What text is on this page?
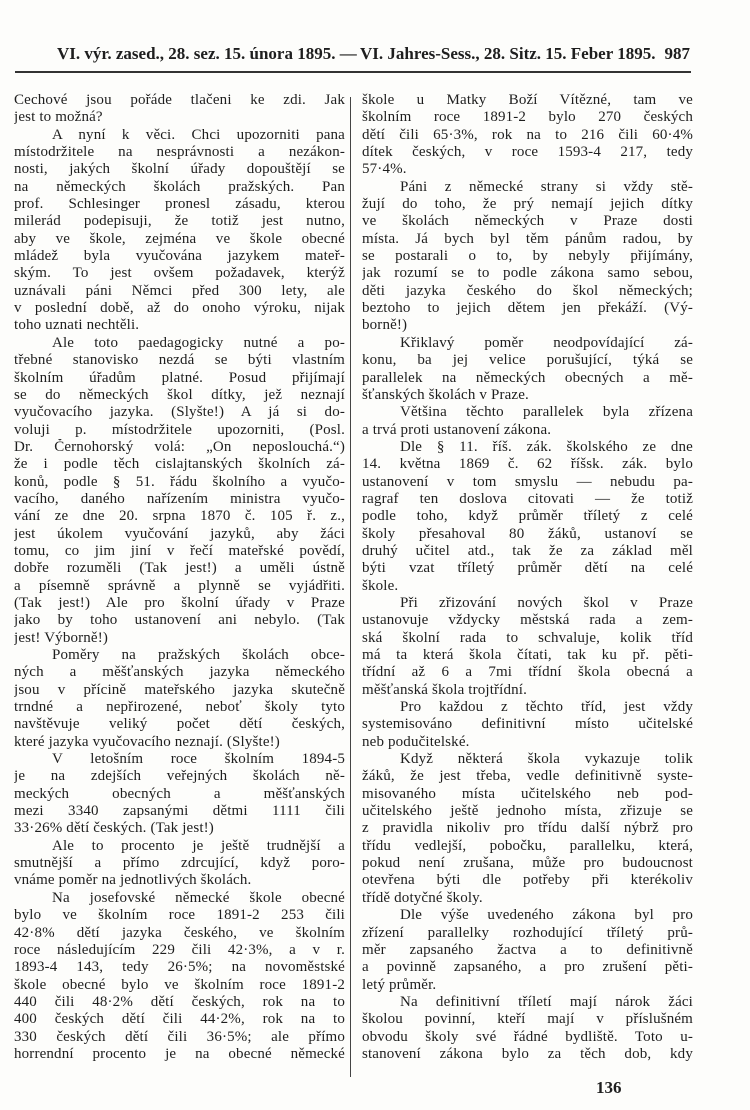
VI. výr. zased., 28. sez. 15. února 1895. — VI. Jahres-Sess., 28. Sitz. 15. Feber 1895. 987
Cechové jsou pořáde tlačeni ke zdi. Jak
jest to možná?
A nyní k věci. Chci upozorniti pana
místodržitele na nesprávnosti a nezákon-
nosti, jakých školní úřady dopouštějí se
na německých školách pražských. Pan
prof. Schlesinger pronesl zásadu, kterou
milerád podepisuji, že totiž jest nutno,
aby ve škole, zejména ve škole obecné
mládež byla vyučována jazykem mateř-
ským. To jest ovšem požadavek, kterýž
uznávali páni Němci před 300 lety, ale
v poslední době, až do onoho výroku, nijak
toho uznati nechtěli.
Ale toto paedagogicky nutné a po-
třebné stanovisko nezdá se býti vlastním
školním úřadům platné. Posud přijímají
se do německých škol dítky, jež neznají
vyučovacího jazyka. (Slyšte!) A já si do-
voluji p. místodržitele upozorniti, (Posl.
Dr. Černohorský volá: „On neposlouchá.“)
že i podle těch cislajtanských školních zá-
konů, podle § 51. řádu školního a vyučo-
vacího, daného nařízením ministra vyučo-
vání ze dne 20. srpna 1870 č. 105 ř. z.,
jest úkolem vyučování jazyků, aby žáci
tomu, co jim jiní v řečí mateřské povědí,
dobře rozuměli (Tak jest!) a uměli ústně
a písemně správně a plynně se vyjádřiti.
(Tak jest!) Ale pro školní úřady v Praze
jako by toho ustanovení ani nebylo. (Tak
jest! Výborně!)
Poměry na pražských školách obce-
ných a měšťanských jazyka německého
jsou v přícině mateřského jazyka skutečně
trndné a nepřirozené, neboť školy tyto
navštěvuje veliký počet dětí českých,
které jazyka vyučovacího neznají. (Slyšte!)
V letošním roce školním 1894-5
je na zdejších veřejných školách ně-
meckých obecných a měšťanských
mezi 3340 zapsanými dětmi 1111 čili
33·26% dětí českých. (Tak jest!)
Ale to procento je ještě trudnější a
smutnější a přímo zdrcující, když poro-
vnáme poměr na jednotlivých školách.
Na josefovské německé škole obecné
bylo ve školním roce 1891-2 253 čili
42·8% dětí jazyka českého, ve školním
roce následujícím 229 čili 42·3%, a v r.
1893-4 143, tedy 26·5%; na novoměstské
škole obecné bylo ve školním roce 1891-2
440 čili 48·2% dětí českých, rok na to
400 českých dětí čili 44·2%, rok na to
330 českých dětí čili 36·5%; ale přímo
horrendní procento je na obecné německé
škole u Matky Boží Vítězné, tam ve
školním roce 1891-2 bylo 270 českých
dětí čili 65·3%, rok na to 216 čili 60·4%
dítek českých, v roce 1593-4 217, tedy
57·4%.
Páni z německé strany si vždy stě-
žují do toho, že prý nemají jejich dítky
ve školách německých v Praze dosti
místa. Já bych byl těm pánům radou, by
se postarali o to, by nebyly přijímány,
jak rozumí se to podle zákona samo sebou,
děti jazyka českého do škol německých;
beztoho to jejich dětem jen překáží. (Vý-
borně!)
Křiklavý poměr neodpovídající zá-
konu, ba jej velice porušující, týká se
parallelek na německých obecných a mě-
šťanských školách v Praze.
Většina těchto parallelek byla zřízena
a trvá proti ustanovení zákona.
Dle § 11. říš. zák. školského ze dne
14. května 1869 č. 62 říšsk. zák. bylo
ustanovení v tom smyslu — nebudu pa-
ragraf ten doslova citovati — že totiž
podle toho, když průměr tříletý z celé
školy přesahoval 80 žáků, ustanoví se
druhý učitel atd., tak že za základ měl
býti vzat tříletý průměr dětí na celé
škole.
Při zřizování nových škol v Praze
ustanovuje vždycky městská rada a zem-
ská školní rada to schvaluje, kolik tříd
má ta která škola čítati, tak ku př. pěti-
třídní až 6 a 7mi třídní škola obecná a
měšťanská škola trojtřídní.
Pro každou z těchto tříd, jest vždy
systemisováno definitivní místo učitelské
neb podučitelské.
Když některá škola vykazuje tolik
žáků, že jest třeba, vedle definitivně syste-
misovaného místa učitelského neb pod-
učitelského ještě jednoho místa, zřizuje se
z pravidla nikoliv pro třídu další nýbrž pro
třídu vedlejší, pobočku, parallelku, která,
pokud není zrušana, může pro budoucnost
otevřena býti dle potřeby při kterékoliv
třídě dotyčné školy.
Dle výše uvedeného zákona byl pro
zřízení parallelky rozhodující tříletý prů-
měr zapsaného žactva a to definitivně
a povinně zapsaného, a pro zrušení pěti-
letý průměr.
Na definitivní tříletí mají nárok žáci
školou povinní, kteří mají v příslušném
obvodu školy své řádné bydliště. Toto u-
stanovení zákona bylo za těch dob, kdy
136
